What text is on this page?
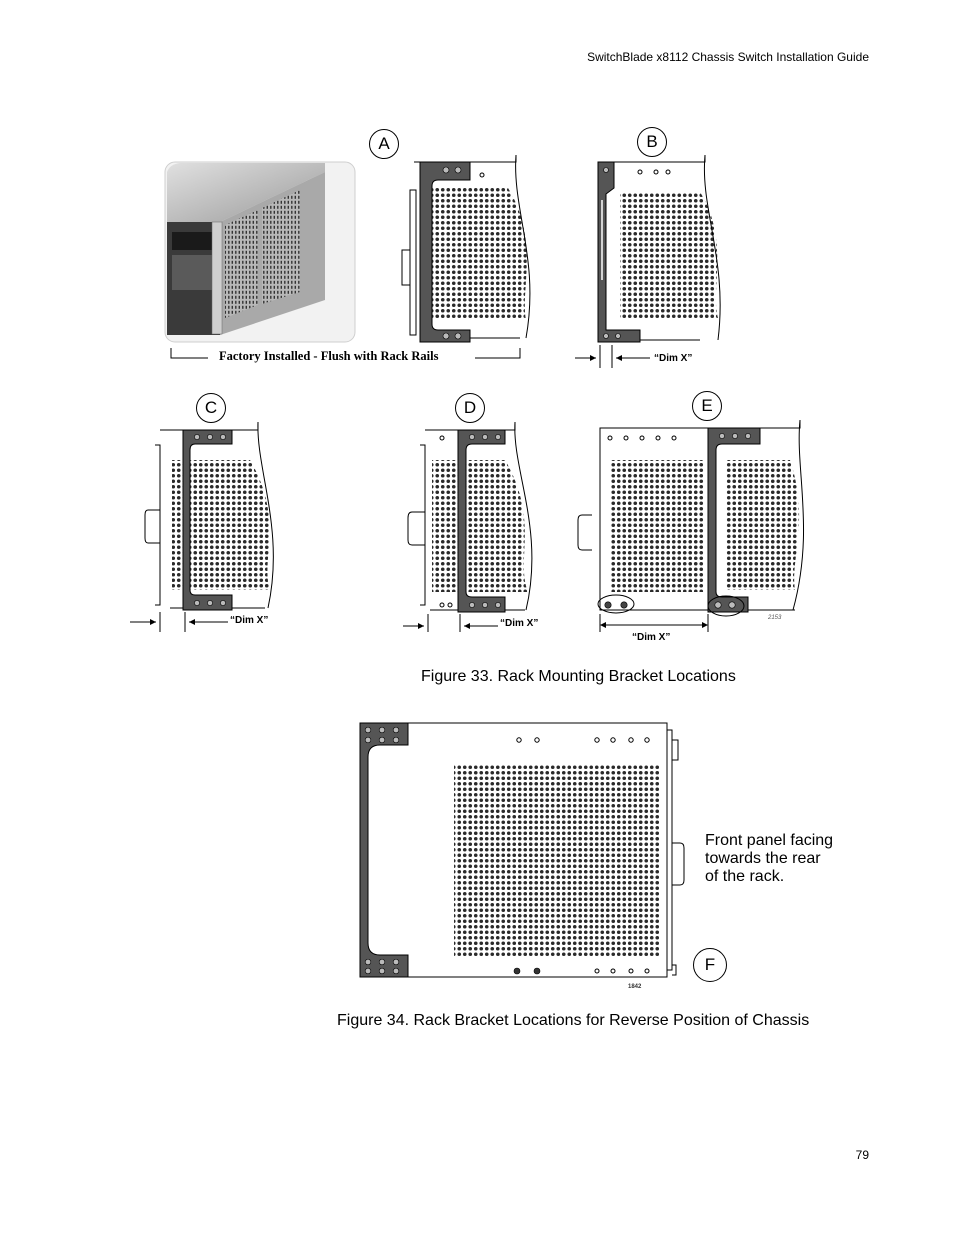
SwitchBlade x8112 Chassis Switch Installation Guide
A	B
C	D	E
Factory Installed - Flush with Rack Rails	“Dim X”
“Dim X”	“Dim X”
“Dim X”
2153
Figure 33. Rack Mounting Bracket Locations
Front panel facing
towards the rear
of the rack.
F
1842
Figure 34. Rack Bracket Locations for Reverse Position of Chassis
79
